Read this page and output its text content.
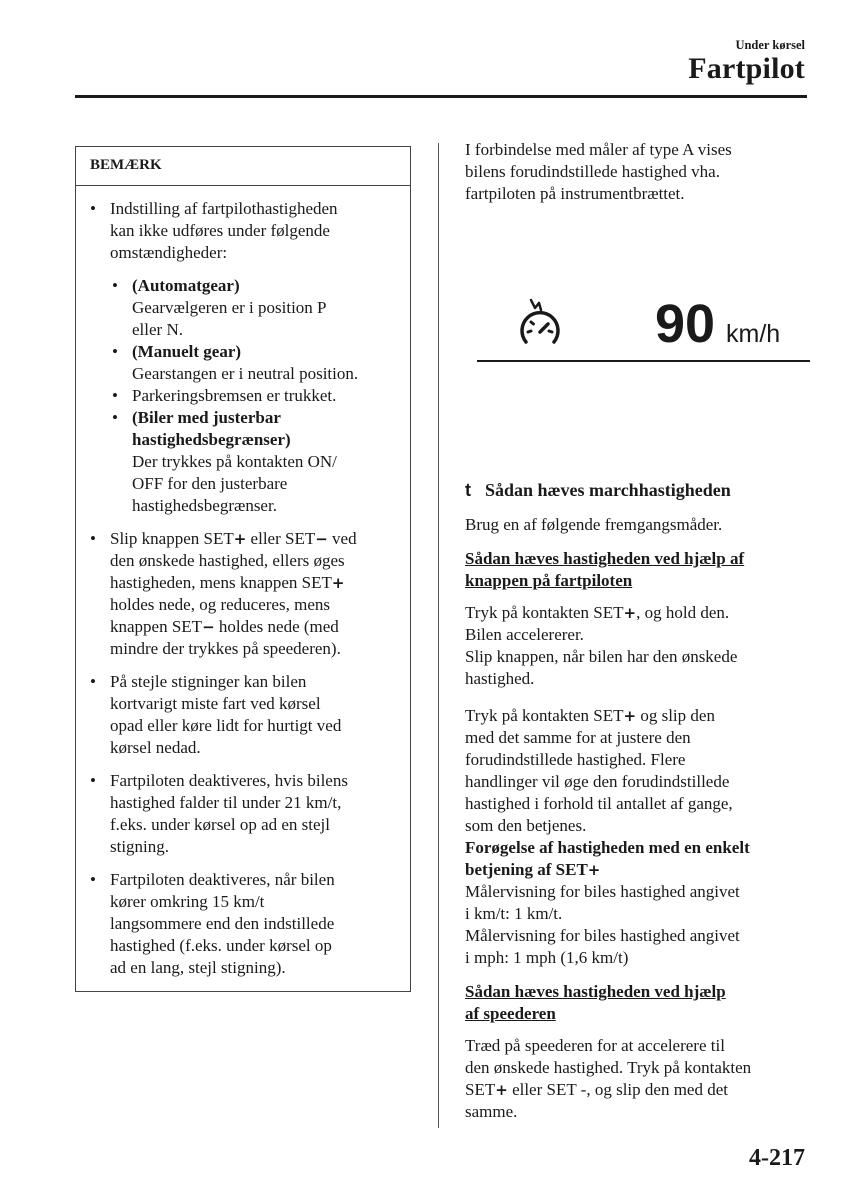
Under kørsel
Fartpilot
BEMÆRK
• Indstilling af fartpilothastigheden
kan ikke udføres under følgende
omstændigheder:
• (Automatgear)
Gearvælgeren er i position P
eller N.
• (Manuelt gear)
Gearstangen er i neutral position.
• Parkeringsbremsen er trukket.
• (Biler med justerbar
hastighedsbegrænser)
Der trykkes på kontakten ON/
OFF for den justerbare
hastighedsbegrænser.
• Slip knappen SET+ eller SET− ved
den ønskede hastighed, ellers øges
hastigheden, mens knappen SET+
holdes nede, og reduceres, mens
knappen SET− holdes nede (med
mindre der trykkes på speederen).
• På stejle stigninger kan bilen
kortvarigt miste fart ved kørsel
opad eller køre lidt for hurtigt ved
kørsel nedad.
• Fartpiloten deaktiveres, hvis bilens
hastighed falder til under 21 km/t,
f.eks. under kørsel op ad en stejl
stigning.
• Fartpiloten deaktiveres, når bilen
kører omkring 15 km/t
langsommere end den indstillede
hastighed (f.eks. under kørsel op
ad en lang, stejl stigning).
I forbindelse med måler af type A vises
bilens forudindstillede hastighed vha.
fartpiloten på instrumentbrættet.
90 km/h
t Sådan hæves marchhastigheden
Brug en af følgende fremgangsmåder.
Sådan hæves hastigheden ved hjælp af
knappen på fartpiloten
Tryk på kontakten SET+, og hold den.
Bilen accelererer.
Slip knappen, når bilen har den ønskede
hastighed.
Tryk på kontakten SET+ og slip den
med det samme for at justere den
forudindstillede hastighed. Flere
handlinger vil øge den forudindstillede
hastighed i forhold til antallet af gange,
som den betjenes.
Forøgelse af hastigheden med en enkelt
betjening af SET+
Målervisning for biles hastighed angivet
i km/t: 1 km/t.
Målervisning for biles hastighed angivet
i mph: 1 mph (1,6 km/t)
Sådan hæves hastigheden ved hjælp
af speederen
Træd på speederen for at accelerere til
den ønskede hastighed. Tryk på kontakten
SET+ eller SET -, og slip den med det
samme.
4-217
